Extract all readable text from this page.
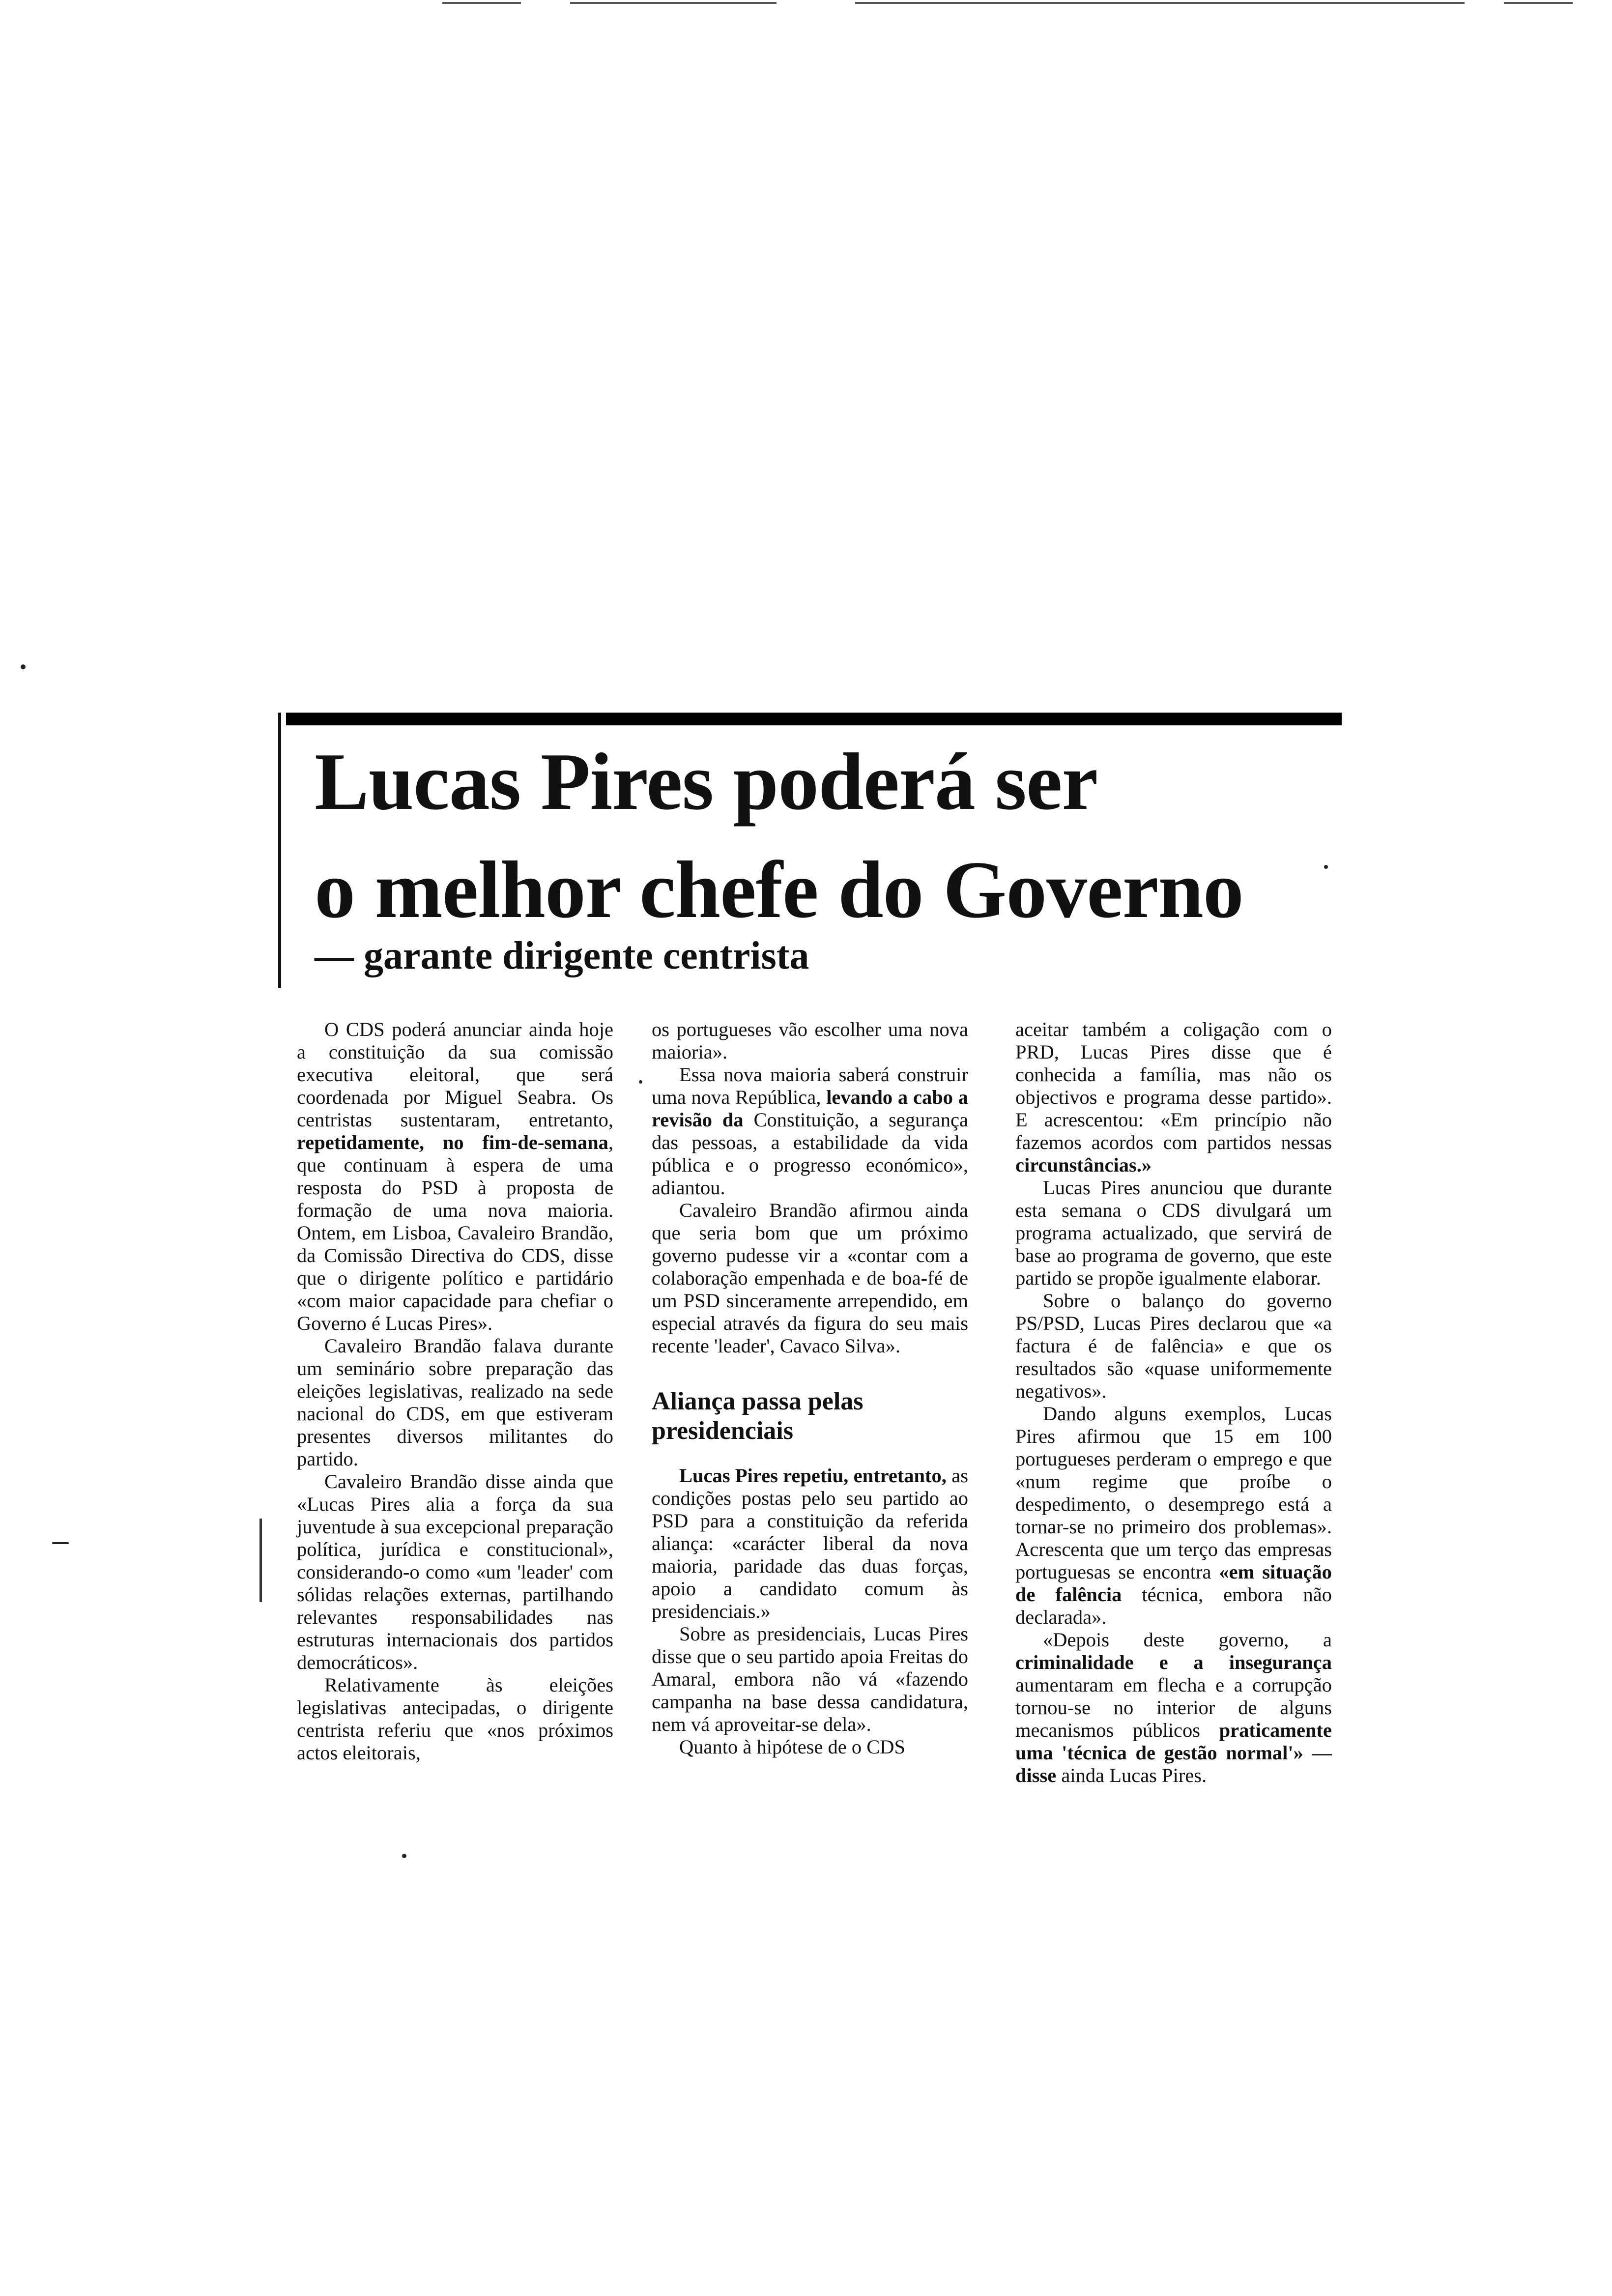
Lucas Pires poderá ser
o melhor chefe do Governo
— garante dirigente centrista

O CDS poderá anunciar ainda hoje a constituição da sua comissão executiva eleitoral, que será coordenada por Miguel Seabra. Os centristas sustentaram, entretanto, repetidamente, no fim-de-semana, que continuam à espera de uma resposta do PSD à proposta de formação de uma nova maioria. Ontem, em Lisboa, Cavaleiro Brandão, da Comissão Directiva do CDS, disse que o dirigente político e partidário «com maior capacidade para chefiar o Governo é Lucas Pires».

Cavaleiro Brandão falava durante um seminário sobre preparação das eleições legislativas, realizado na sede nacional do CDS, em que estiveram presentes diversos militantes do partido.

Cavaleiro Brandão disse ainda que «Lucas Pires alia a força da sua juventude à sua excepcional preparação política, jurídica e constitucional», considerando-o como «um 'leader' com sólidas relações externas, partilhando relevantes responsabilidades nas estruturas internacionais dos partidos democráticos».

Relativamente às eleições legislativas antecipadas, o dirigente centrista referiu que «nos próximos actos eleitorais,

os portugueses vão escolher uma nova maioria».

Essa nova maioria saberá construir uma nova República, levando a cabo a revisão da Constituição, a segurança das pessoas, a estabilidade da vida pública e o progresso económico», adiantou.

Cavaleiro Brandão afirmou ainda que seria bom que um próximo governo pudesse vir a «contar com a colaboração empenhada e de boa-fé de um PSD sinceramente arrependido, em especial através da figura do seu mais recente 'leader', Cavaco Silva».

Aliança passa pelas presidenciais

Lucas Pires repetiu, entretanto, as condições postas pelo seu partido ao PSD para a constituição da referida aliança: «carácter liberal da nova maioria, paridade das duas forças, apoio a candidato comum às presidenciais.»

Sobre as presidenciais, Lucas Pires disse que o seu partido apoia Freitas do Amaral, embora não vá «fazendo campanha na base dessa candidatura, nem vá aproveitar-se dela».

Quanto à hipótese de o CDS

aceitar também a coligação com o PRD, Lucas Pires disse que é conhecida a família, mas não os objectivos e programa desse partido». E acrescentou: «Em princípio não fazemos acordos com partidos nessas circunstâncias.»

Lucas Pires anunciou que durante esta semana o CDS divulgará um programa actualizado, que servirá de base ao programa de governo, que este partido se propõe igualmente elaborar.

Sobre o balanço do governo PS/PSD, Lucas Pires declarou que «a factura é de falência» e que os resultados são «quase uniformemente negativos».

Dando alguns exemplos, Lucas Pires afirmou que 15 em 100 portugueses perderam o emprego e que «num regime que proíbe o despedimento, o desemprego está a tornar-se no primeiro dos problemas». Acrescenta que um terço das empresas portuguesas se encontra «em situação de falência técnica, embora não declarada».

«Depois deste governo, a criminalidade e a insegurança aumentaram em flecha e a corrupção tornou-se no interior de alguns mecanismos públicos praticamente uma 'técnica de gestão normal'» — disse ainda Lucas Pires.
